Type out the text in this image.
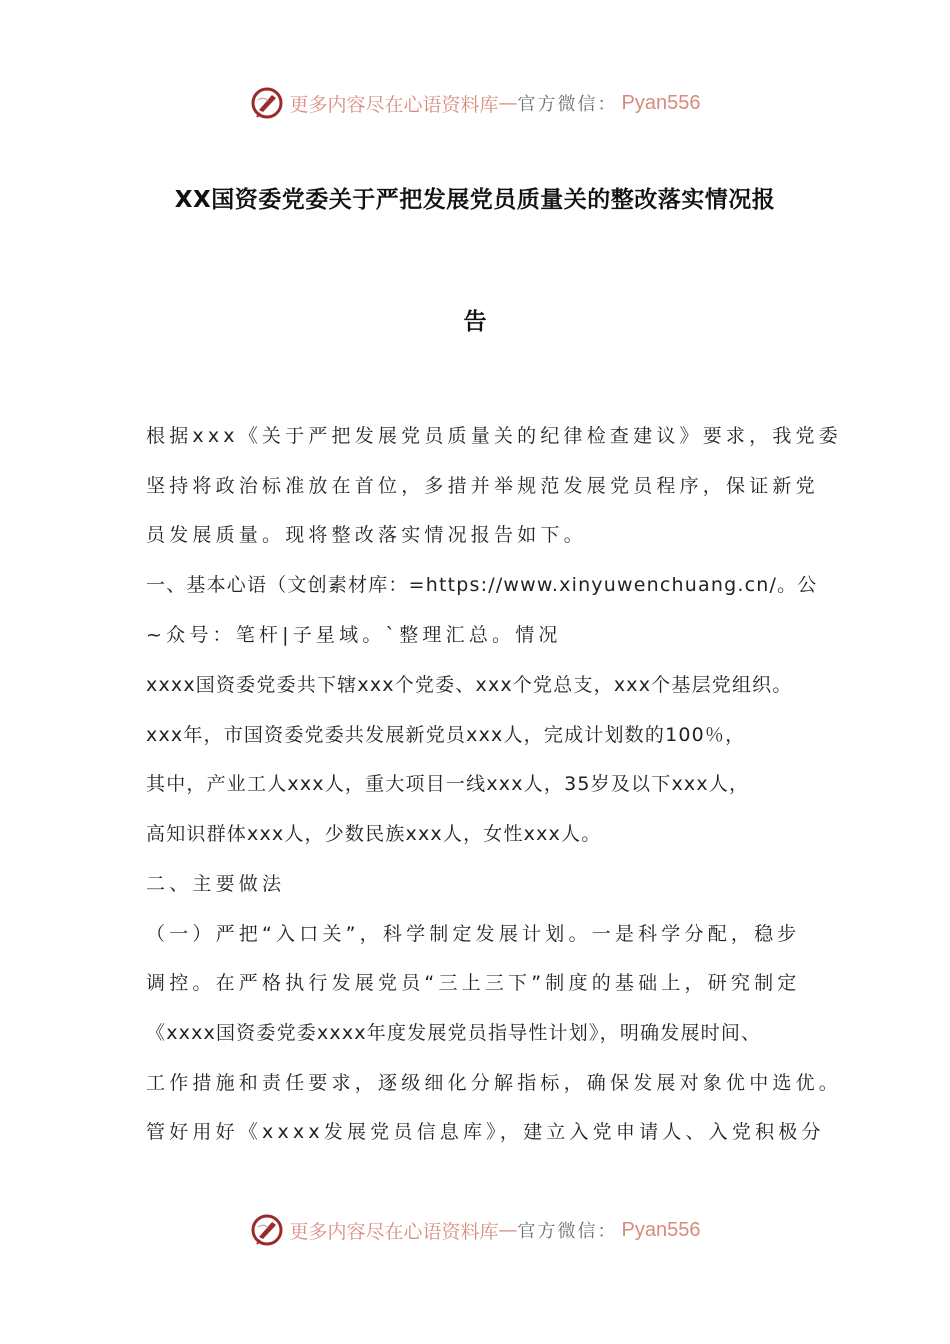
更多内容尽在心语资料库 — 官方微信： Pyan556
XX国资委党委关于严把发展党员质量关的整改落实情况报
告
根据xxx《关于严把发展党员质量关的纪律检查建议》要求，我党委
坚持将政治标准放在首位，多措并举规范发展党员程序，保证新党
员发展质量。现将整改落实情况报告如下。
一、基本心语（文创素材库：=https://www.xinyuwenchuang.cn/。公
~众号：笔杆|子星域。`整理汇总。情况
xxxx国资委党委共下辖xxx个党委、xxx个党总支，xxx个基层党组织。
xxx年，市国资委党委共发展新党员xxx人，完成计划数的100％，
其中，产业工人xxx人，重大项目一线xxx人，35岁及以下xxx人，
高知识群体xxx人，少数民族xxx人，女性xxx人。
二、主要做法
（一）严把“入口关”，科学制定发展计划。一是科学分配，稳步
调控。在严格执行发展党员“三上三下”制度的基础上，研究制定
《xxxx国资委党委xxxx年度发展党员指导性计划》，明确发展时间、
工作措施和责任要求，逐级细化分解指标，确保发展对象优中选优。
管好用好《xxxx发展党员信息库》，建立入党申请人、入党积极分
更多内容尽在心语资料库 — 官方微信： Pyan556
